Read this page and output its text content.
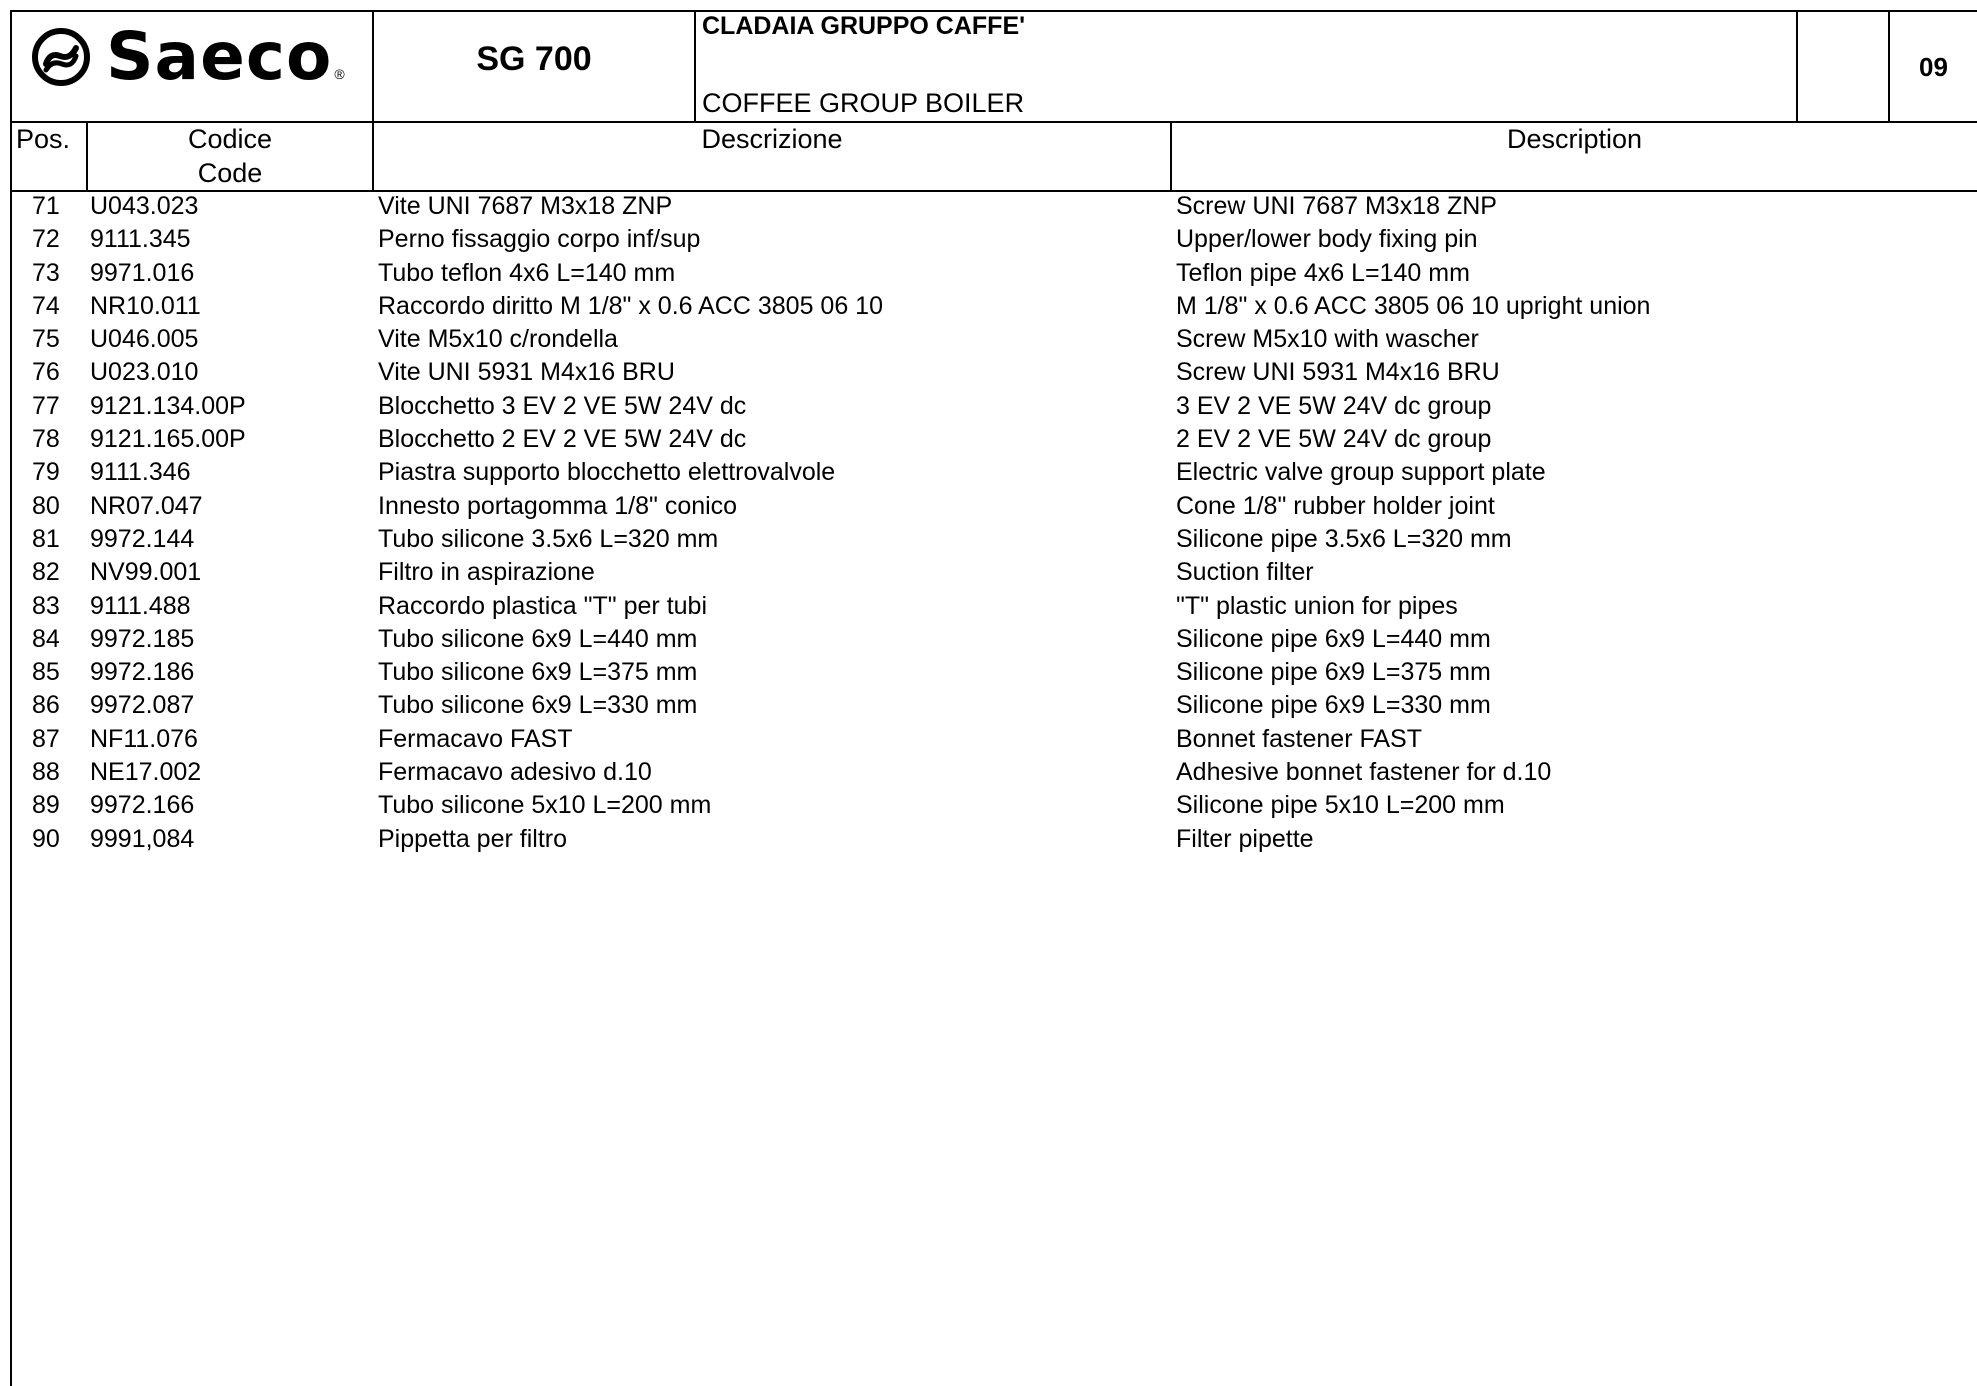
Saeco ®	SG 700
CLADAIA GRUPPO CAFFE'
COFFEE GROUP BOILER
09
Pos.	Codice
Code
Descrizione	Description
71 U043.023	Vite UNI 7687 M3x18 ZNP	Screw UNI 7687 M3x18 ZNP
72 9111.345	Perno fissaggio corpo inf/sup	Upper/lower body fixing pin
73 9971.016	Tubo teflon 4x6 L=140 mm	Teflon pipe 4x6 L=140 mm
74 NR10.011	Raccordo diritto M 1/8" x 0.6 ACC 3805 06 10	M 1/8" x 0.6 ACC 3805 06 10 upright union
75 U046.005	Vite M5x10 c/rondella	Screw M5x10 with wascher
76 U023.010	Vite UNI 5931 M4x16 BRU	Screw UNI 5931 M4x16 BRU
77 9121.134.00P	Blocchetto 3 EV 2 VE 5W 24V dc	3 EV 2 VE 5W 24V dc group
78 9121.165.00P	Blocchetto 2 EV 2 VE 5W 24V dc	2 EV 2 VE 5W 24V dc group
79 9111.346	Piastra supporto blocchetto elettrovalvole	Electric valve group support plate
80 NR07.047	Innesto portagomma 1/8" conico	Cone 1/8" rubber holder joint
81 9972.144	Tubo silicone 3.5x6 L=320 mm	Silicone pipe 3.5x6 L=320 mm
82 NV99.001	Filtro in aspirazione	Suction filter
83 9111.488	Raccordo plastica "T" per tubi	"T" plastic union for pipes
84 9972.185	Tubo silicone 6x9 L=440 mm	Silicone pipe 6x9 L=440 mm
85 9972.186	Tubo silicone 6x9 L=375 mm	Silicone pipe 6x9 L=375 mm
86 9972.087	Tubo silicone 6x9 L=330 mm	Silicone pipe 6x9 L=330 mm
87 NF11.076	Fermacavo FAST	Bonnet fastener FAST
88 NE17.002	Fermacavo adesivo d.10	Adhesive bonnet fastener for d.10
89 9972.166	Tubo silicone 5x10 L=200 mm	Silicone pipe 5x10 L=200 mm
90 9991,084	Pippetta per filtro	Filter pipette
